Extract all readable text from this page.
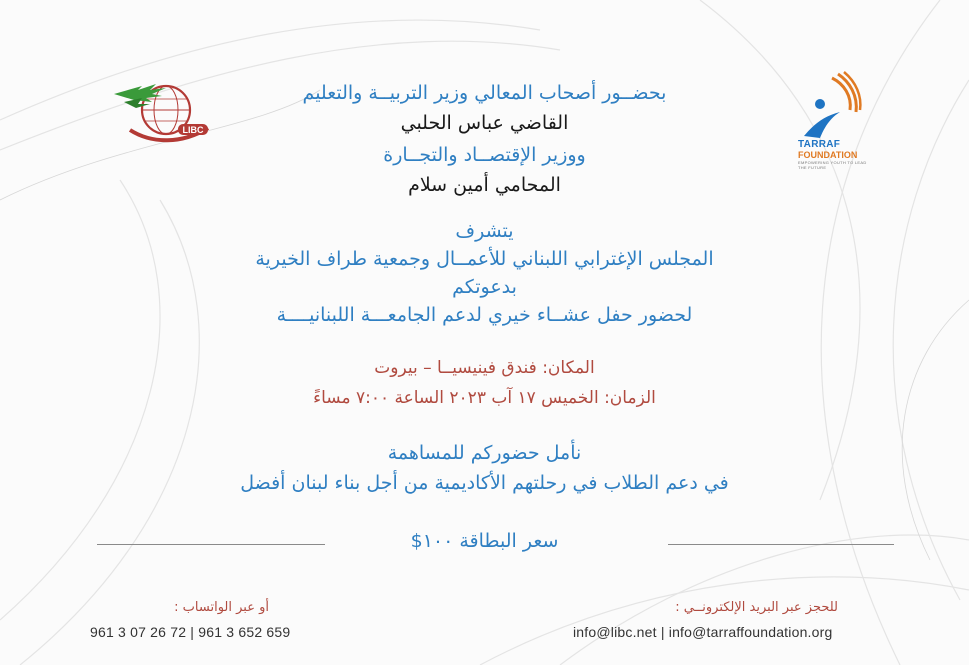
LIBC
TARRAF
FOUNDATION
EMPOWERING YOUTH TO LEAD THE FUTURE
بحضــور أصحاب المعالي وزير التربيــة والتعليم
القاضي عباس الحلبي
ووزير الإقتصــاد والتجــارة
المحامي أمين سلام
يتشرف
المجلس الإغترابي اللبناني للأعمــال وجمعية طراف الخيرية
بدعوتكم
لحضور حفل عشــاء خيري لدعم الجامعـــة اللبنانيــــة
المكان: فندق فينيسيــا – بيروت
الزمان: الخميس ١٧ آب ٢٠٢٣ الساعة ٧:٠٠ مساءً
نأمل حضوركم للمساهمة
في دعم الطلاب في رحلتهم الأكاديمية من أجل بناء لبنان أفضل
سعر البطاقة ١٠٠$
للحجز عبر البريد الإلكترونــي :
أو عبر الواتساب :
info@libc.net | info@tarraffoundation.org
961 3 07 26 72 | 961 3 652 659
